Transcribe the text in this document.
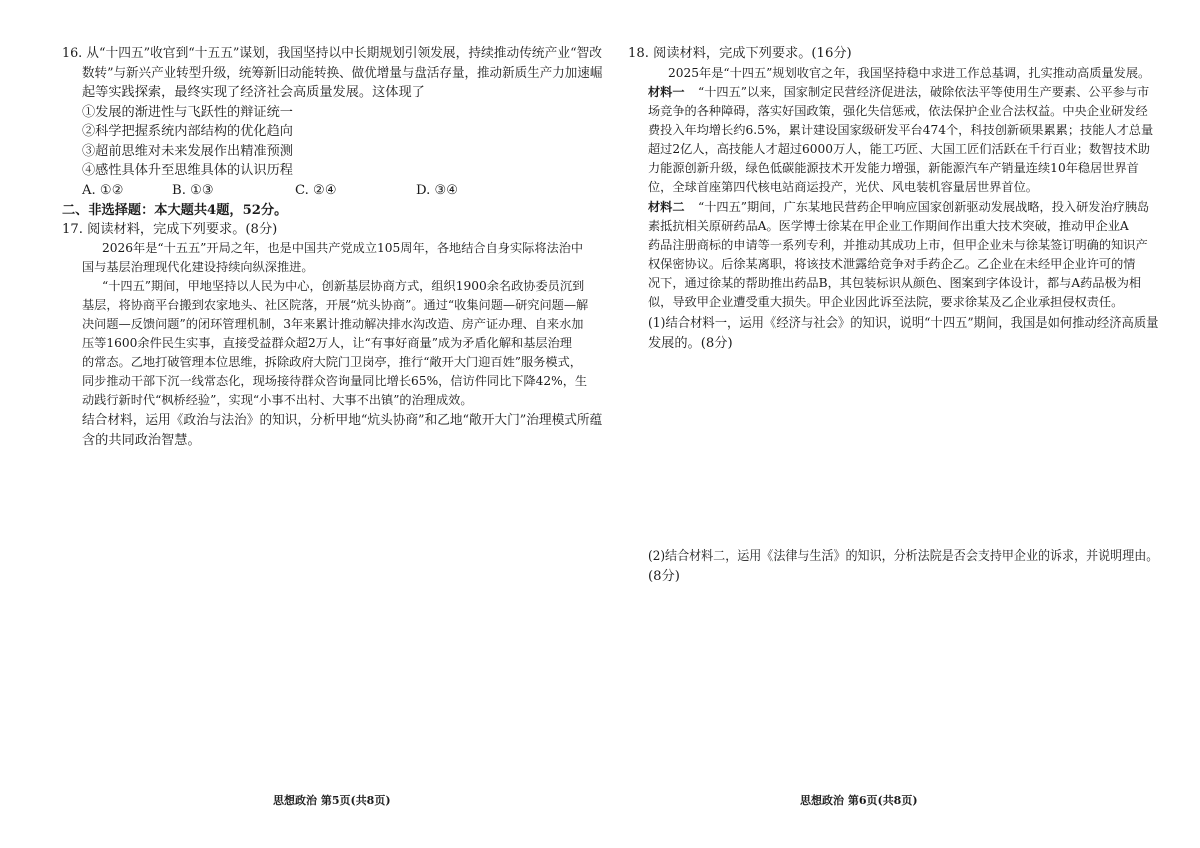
16. 从“十四五”收官到“十五五”谋划，我国坚持以中长期规划引领发展，持续推动传统产业“智改
数转”与新兴产业转型升级，统筹新旧动能转换、做优增量与盘活存量，推动新质生产力加速崛
起等实践探索，最终实现了经济社会高质量发展。这体现了
①发展的渐进性与飞跃性的辩证统一
②科学把握系统内部结构的优化趋向
③超前思维对未来发展作出精准预测
④感性具体升至思维具体的认识历程
A. ①②	B. ①③	C. ②④	D. ③④
二、非选择题：本大题共4题，52分。
17. 阅读材料，完成下列要求。(8分)
2026年是“十五五”开局之年，也是中国共产党成立105周年，各地结合自身实际将法治中
国与基层治理现代化建设持续向纵深推进。
“十四五”期间，甲地坚持以人民为中心，创新基层协商方式，组织1900余名政协委员沉到
基层，将协商平台搬到农家地头、社区院落，开展“炕头协商”。通过“收集问题—研究问题—解
决问题—反馈问题”的闭环管理机制，3年来累计推动解决排水沟改造、房产证办理、自来水加
压等1600余件民生实事，直接受益群众超2万人，让“有事好商量”成为矛盾化解和基层治理
的常态。乙地打破管理本位思维，拆除政府大院门卫岗亭，推行“敞开大门迎百姓”服务模式，
同步推动干部下沉一线常态化，现场接待群众咨询量同比增长65%，信访件同比下降42%，生
动践行新时代“枫桥经验”，实现“小事不出村、大事不出镇”的治理成效。
结合材料，运用《政治与法治》的知识，分析甲地“炕头协商”和乙地“敞开大门”治理模式所蕴
含的共同政治智慧。
思想政治 第5页(共8页)
18. 阅读材料，完成下列要求。(16分)
2025年是“十四五”规划收官之年，我国坚持稳中求进工作总基调，扎实推动高质量发展。
材料一 “十四五”以来，国家制定民营经济促进法，破除依法平等使用生产要素、公平参与市
场竞争的各种障碍，落实好国政策，强化失信惩戒，依法保护企业合法权益。中央企业研发经
费投入年均增长约6.5%，累计建设国家级研发平台474个，科技创新硕果累累；技能人才总量
超过2亿人，高技能人才超过6000万人，能工巧匠、大国工匠们活跃在千行百业；数智技术助
力能源创新升级，绿色低碳能源技术开发能力增强，新能源汽车产销量连续10年稳居世界首
位，全球首座第四代核电站商运投产，光伏、风电装机容量居世界首位。
材料二 “十四五”期间，广东某地民营药企甲响应国家创新驱动发展战略，投入研发治疗胰岛
素抵抗相关原研药品A。医学博士徐某在甲企业工作期间作出重大技术突破，推动甲企业A
药品注册商标的申请等一系列专利，并推动其成功上市，但甲企业未与徐某签订明确的知识产
权保密协议。后徐某离职，将该技术泄露给竞争对手药企乙。乙企业在未经甲企业许可的情
况下，通过徐某的帮助推出药品B，其包装标识从颜色、图案到字体设计，都与A药品极为相
似，导致甲企业遭受重大损失。甲企业因此诉至法院，要求徐某及乙企业承担侵权责任。
(1)结合材料一，运用《经济与社会》的知识，说明“十四五”期间，我国是如何推动经济高质量
发展的。(8分)
(2)结合材料二，运用《法律与生活》的知识，分析法院是否会支持甲企业的诉求，并说明理由。
(8分)
思想政治 第6页(共8页)
